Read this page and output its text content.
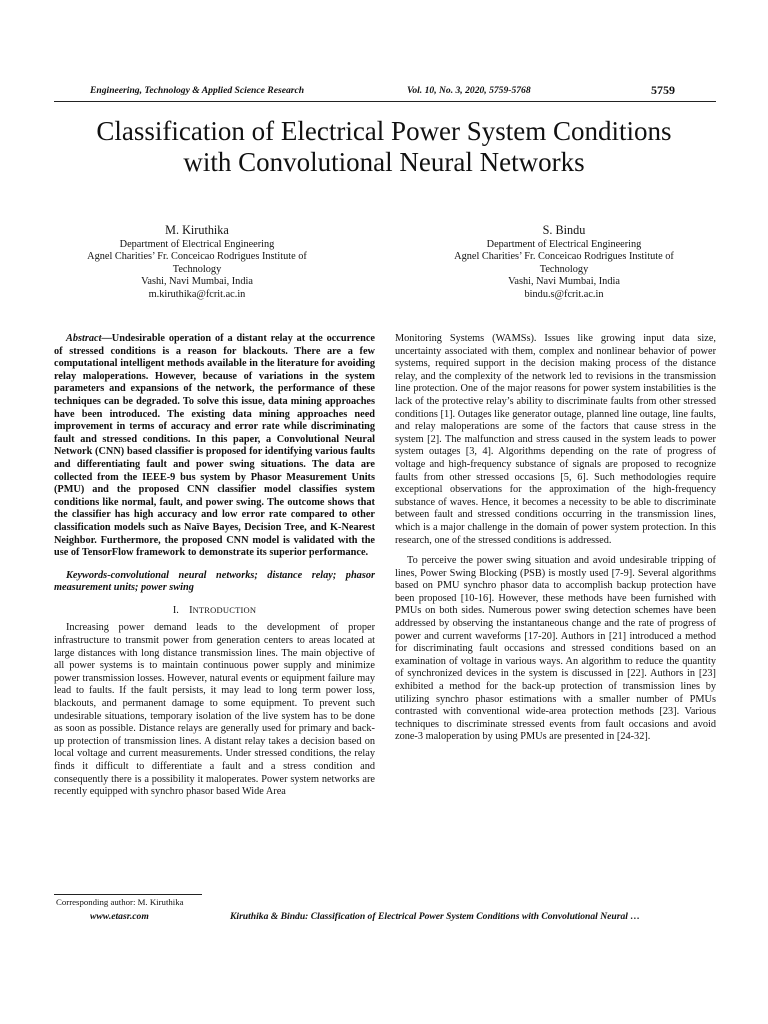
Engineering, Technology & Applied Science Research	Vol. 10, No. 3, 2020, 5759-5768	5759
Classification of Electrical Power System Conditions
with Convolutional Neural Networks
M. Kiruthika
Department of Electrical Engineering
Agnel Charities’ Fr. Conceicao Rodrigues Institute of
Technology
Vashi, Navi Mumbai, India
m.kiruthika@fcrit.ac.in
S. Bindu
Department of Electrical Engineering
Agnel Charities’ Fr. Conceicao Rodrigues Institute of
Technology
Vashi, Navi Mumbai, India
bindu.s@fcrit.ac.in

Abstract—Undesirable operation of a distant relay at the occurrence of stressed conditions is a reason for blackouts. There are a few computational intelligent methods available in the literature for avoiding relay maloperations. However, because of variations in the system parameters and expansions of the network, the performance of these techniques can be degraded. To solve this issue, data mining approaches have been introduced. The existing data mining approaches need improvement in terms of accuracy and error rate while discriminating fault and stressed conditions. In this paper, a Convolutional Neural Network (CNN) based classifier is proposed for identifying various faults and differentiating fault and power swing situations. The data are collected from the IEEE-9 bus system by Phasor Measurement Units (PMU) and the proposed CNN classifier model classifies system conditions like normal, fault, and power swing. The outcome shows that the classifier has high accuracy and low error rate compared to other classification models such as Naïve Bayes, Decision Tree, and K-Nearest Neighbor. Furthermore, the proposed CNN model is validated with the use of TensorFlow framework to demonstrate its superior performance.

Keywords-convolutional neural networks; distance relay; phasor measurement units; power swing

I. INTRODUCTION

Increasing power demand leads to the development of proper infrastructure to transmit power from generation centers to areas located at large distances with long distance transmission lines. The main objective of all power systems is to maintain continuous power supply and minimize power transmission losses. However, natural events or equipment failure may lead to faults. If the fault persists, it may lead to long term power loss, blackouts, and permanent damage to some equipment. To prevent such undesirable situations, temporary isolation of the live system has to be done as soon as possible. Distance relays are generally used for primary and back-up protection of transmission lines. A distant relay takes a decision based on local voltage and current measurements. Under stressed conditions, the relay finds it difficult to differentiate a fault and a stress condition and consequently there is a possibility it maloperates. Power system networks are recently equipped with synchro phasor based Wide Area

Monitoring Systems (WAMSs). Issues like growing input data size, uncertainty associated with them, complex and nonlinear behavior of power systems, required support in the decision making process of the distance relay, and the complexity of the network led to revisions in the transmission line protection. One of the major reasons for power system instabilities is the lack of the protective relay’s ability to discriminate faults from other stressed conditions [1]. Outages like generator outage, planned line outage, line faults, and relay maloperations are some of the factors that cause stress in the system [2]. The malfunction and stress caused in the system leads to power system outages [3, 4]. Algorithms depending on the rate of progress of voltage and high-frequency substance of signals are proposed to recognize faults from other stressed occasions [5, 6]. Such methodologies require exceptional observations for the approximation of the high-frequency substance of waves. Hence, it becomes a necessity to be able to discriminate between fault and stressed conditions occurring in the transmission lines, which is a major challenge in the domain of power system protection. In this research, one of the stressed conditions is addressed.

To perceive the power swing situation and avoid undesirable tripping of lines, Power Swing Blocking (PSB) is mostly used [7-9]. Several algorithms based on PMU synchro phasor data to accomplish backup protection have been proposed [10-16]. However, these methods have been furnished with PMUs on both sides. Numerous power swing detection schemes have been addressed by observing the instantaneous change and the rate of progress of power and current waveforms [17-20]. Authors in [21] introduced a method for discriminating fault occasions and stressed conditions based on an examination of voltage in various ways. An algorithm to reduce the quantity of synchronized devices in the system is discussed in [22]. Authors in [23] exhibited a method for the back-up protection of transmission lines by utilizing synchro phasor estimations with a smaller number of PMUs contrasted with conventional wide-area protection methods [23]. Various techniques to discriminate stressed events from fault occasions and avoid zone-3 maloperation by using PMUs are presented in [24-32].

Corresponding author: M. Kiruthika
www.etasr.com	Kiruthika & Bindu: Classification of Electrical Power System Conditions with Convolutional Neural …
